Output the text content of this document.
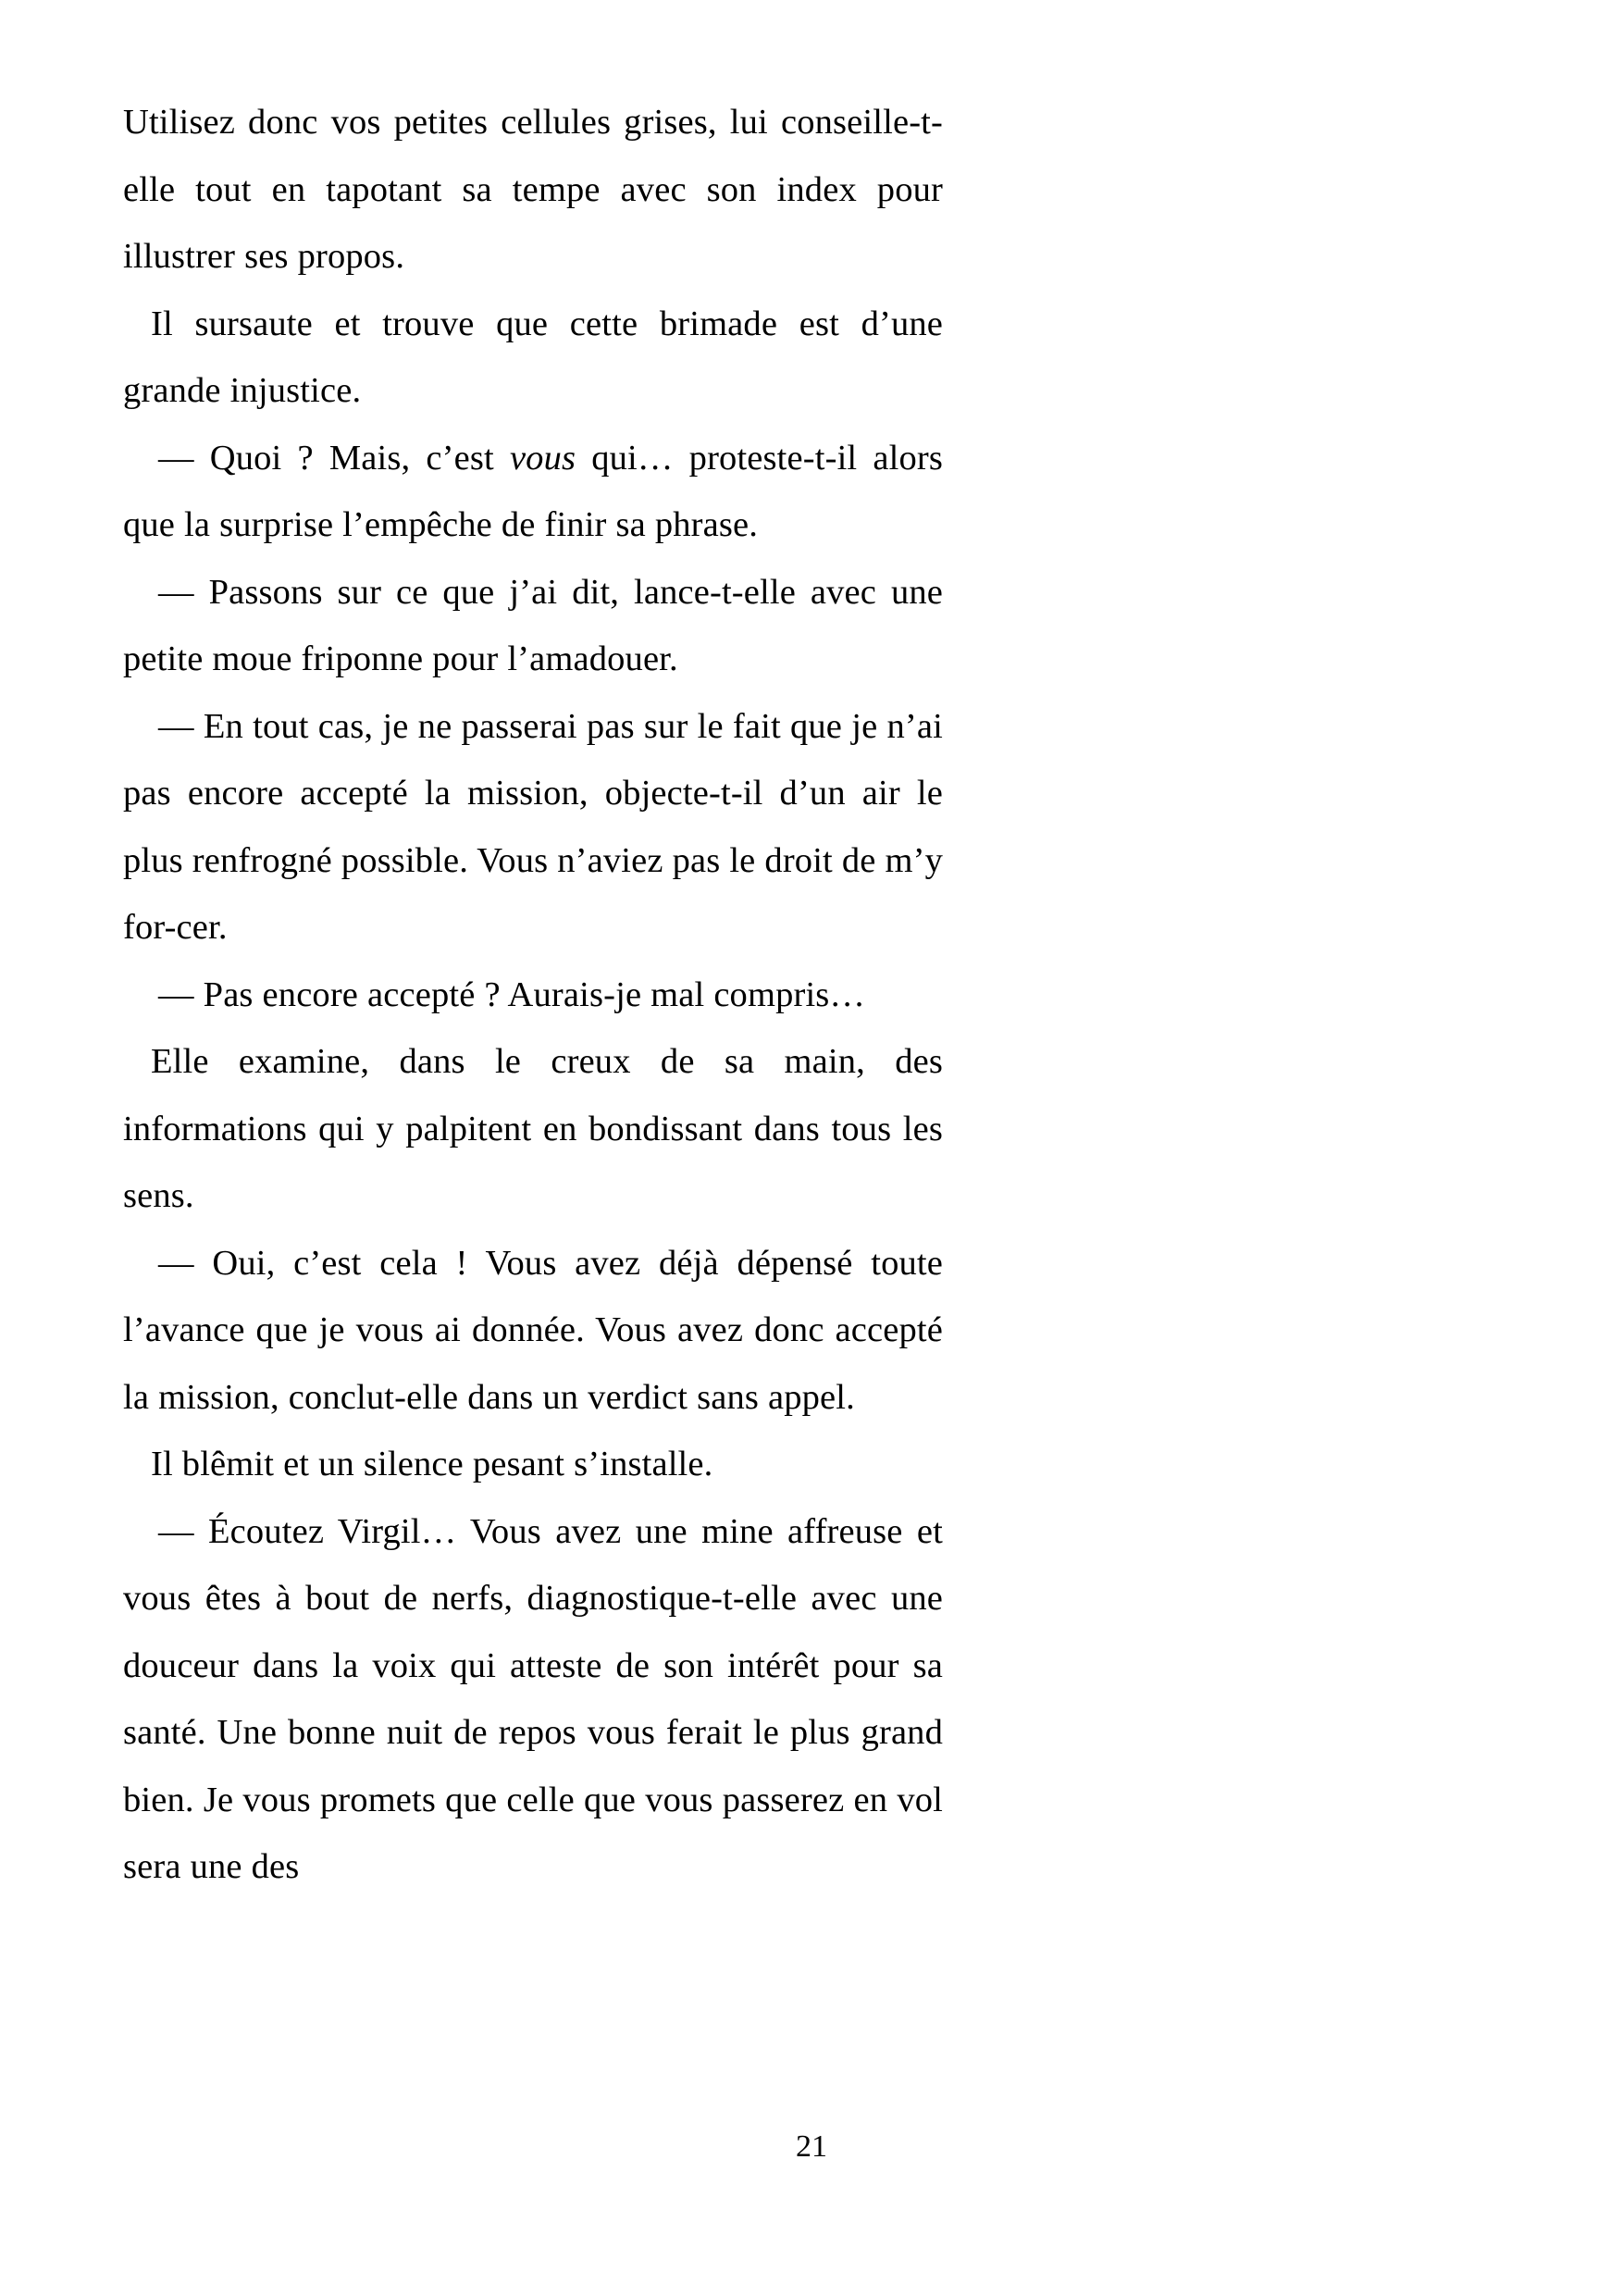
Utilisez donc vos petites cellules grises, lui conseille-t-elle tout en tapotant sa tempe avec son index pour illustrer ses propos.

Il sursaute et trouve que cette brimade est d’une grande injustice.

— Quoi ? Mais, c’est vous qui… proteste-t-il alors que la surprise l’empêche de finir sa phrase.

— Passons sur ce que j’ai dit, lance-t-elle avec une petite moue friponne pour l’amadouer.

— En tout cas, je ne passerai pas sur le fait que je n’ai pas encore accepté la mission, objecte-t-il d’un air le plus renfrogné possible. Vous n’aviez pas le droit de m’y for-cer.

— Pas encore accepté ? Aurais-je mal compris…

Elle examine, dans le creux de sa main, des informations qui y palpitent en bondissant dans tous les sens.

— Oui, c’est cela ! Vous avez déjà dépensé toute l’avance que je vous ai donnée. Vous avez donc accepté la mission, conclut-elle dans un verdict sans appel.

Il blêmit et un silence pesant s’installe.

— Écoutez Virgil… Vous avez une mine affreuse et vous êtes à bout de nerfs, diagnostique-t-elle avec une douceur dans la voix qui atteste de son intérêt pour sa santé. Une bonne nuit de repos vous ferait le plus grand bien. Je vous promets que celle que vous passerez en vol sera une des

21
